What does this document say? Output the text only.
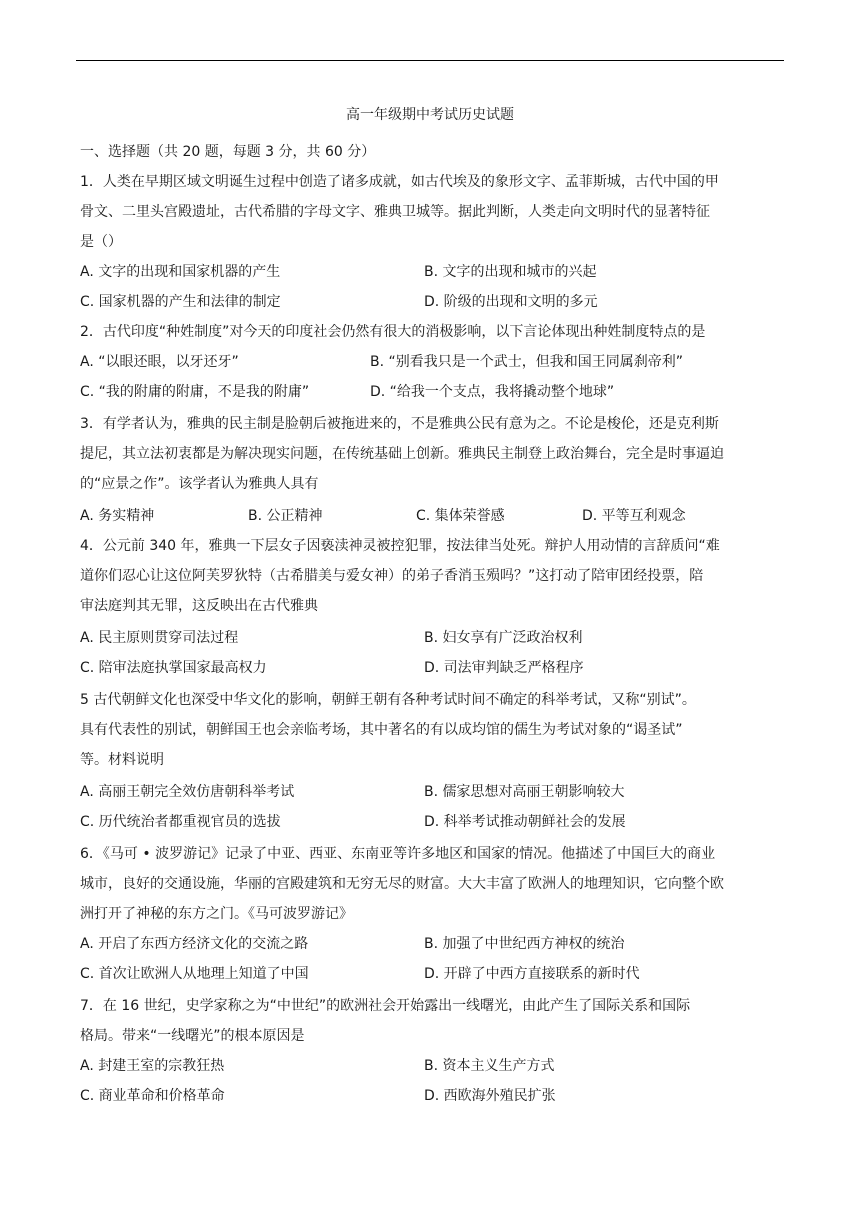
高一年级期中考试历史试题
一、选择题（共 20 题，每题 3 分，共 60 分）
1．人类在早期区域文明诞生过程中创造了诸多成就，如古代埃及的象形文字、孟菲斯城，古代中国的甲
骨文、二里头宫殿遗址，古代希腊的字母文字、雅典卫城等。据此判断，人类走向文明时代的显著特征
是（）
A. 文字的出现和国家机器的产生	B. 文字的出现和城市的兴起
C. 国家机器的产生和法律的制定	D. 阶级的出现和文明的多元
2．古代印度“种姓制度”对今天的印度社会仍然有很大的消极影响，以下言论体现出种姓制度特点的是
A. “以眼还眼，以牙还牙”	B. “别看我只是一个武士，但我和国王同属刹帝利”
C. “我的附庸的附庸，不是我的附庸”	D. “给我一个支点，我将撬动整个地球”
3．有学者认为，雅典的民主制是脸朝后被拖进来的，不是雅典公民有意为之。不论是梭伦，还是克利斯
提尼，其立法初衷都是为解决现实问题，在传统基础上创新。雅典民主制登上政治舞台，完全是时事逼迫
的“应景之作”。该学者认为雅典人具有
A. 务实精神	B. 公正精神	C. 集体荣誉感	D. 平等互利观念
4．公元前 340 年，雅典一下层女子因亵渎神灵被控犯罪，按法律当处死。辩护人用动情的言辞质问“难
道你们忍心让这位阿芙罗狄特（古希腊美与爱女神）的弟子香消玉殒吗？”这打动了陪审团经投票，陪
审法庭判其无罪，这反映出在古代雅典
A. 民主原则贯穿司法过程	B. 妇女享有广泛政治权利
C. 陪审法庭执掌国家最高权力	D. 司法审判缺乏严格程序
5 古代朝鲜文化也深受中华文化的影响，朝鲜王朝有各种考试时间不确定的科举考试，又称“别试”。
具有代表性的别试，朝鲜国王也会亲临考场，其中著名的有以成均馆的儒生为考试对象的“谒圣试”
等。材料说明
A. 高丽王朝完全效仿唐朝科举考试	B. 儒家思想对高丽王朝影响较大
C. 历代统治者都重视官员的选拔	D. 科举考试推动朝鲜社会的发展
6．《马可 • 波罗游记》记录了中亚、西亚、东南亚等许多地区和国家的情况。他描述了中国巨大的商业
城市，良好的交通设施，华丽的宫殿建筑和无穷无尽的财富。大大丰富了欧洲人的地理知识，它向整个欧
洲打开了神秘的东方之门。《马可波罗游记》
A. 开启了东西方经济文化的交流之路	B. 加强了中世纪西方神权的统治
C. 首次让欧洲人从地理上知道了中国	D. 开辟了中西方直接联系的新时代
7．在 16 世纪，史学家称之为“中世纪”的欧洲社会开始露出一线曙光，由此产生了国际关系和国际
格局。带来“一线曙光”的根本原因是
A. 封建王室的宗教狂热	B. 资本主义生产方式
C. 商业革命和价格革命	D. 西欧海外殖民扩张
